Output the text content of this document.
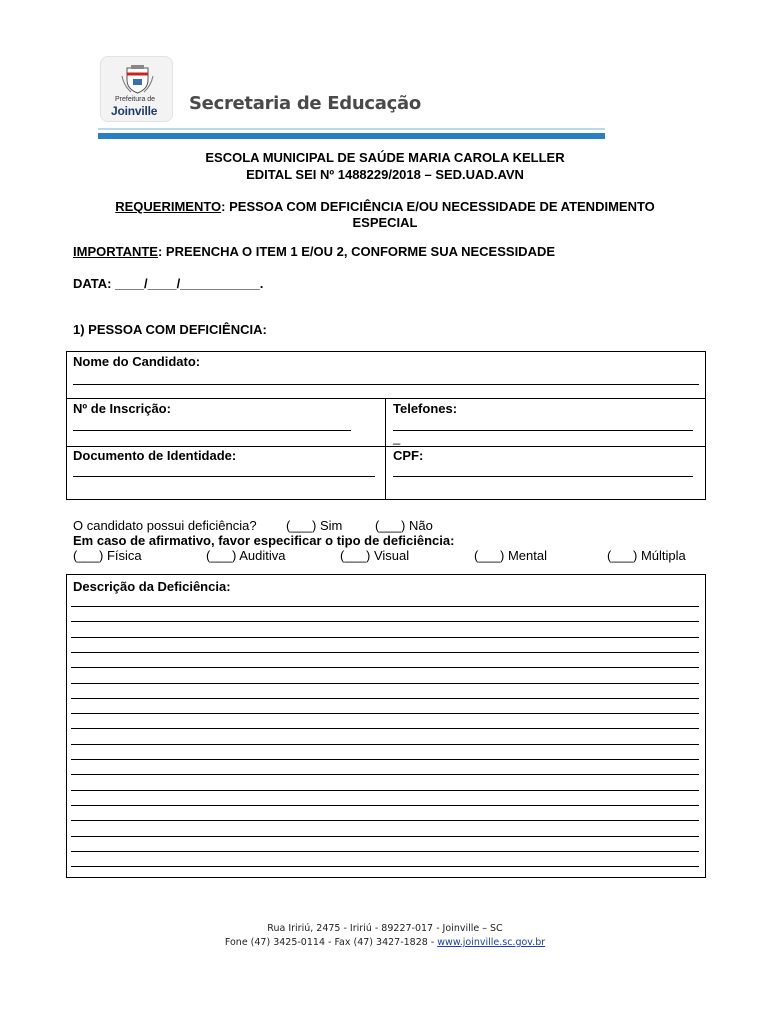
Prefeitura de
Joinville Secretaria de Educação
ESCOLA MUNICIPAL DE SAÚDE MARIA CAROLA KELLER
EDITAL SEI Nº 1488229/2018 – SED.UAD.AVN
REQUERIMENTO: PESSOA COM DEFICIÊNCIA E/OU NECESSIDADE DE ATENDIMENTO
ESPECIAL
IMPORTANTE: PREENCHA O ITEM 1 E/OU 2, CONFORME SUA NECESSIDADE
DATA: ____/____/___________.
1) PESSOA COM DEFICIÊNCIA:
Nome do Candidato:
Nº de Inscrição:	Telefones:
_
Documento de Identidade:	CPF:
O candidato possui deficiência? (___) Sim	(___) Não
Em caso de afirmativo, favor especificar o tipo de deficiência:
(___) Física	(___) Auditiva	(___) Visual	(___) Mental	(___) Múltipla
Descrição da Deficiência:
Rua Iririú, 2475 - Iririú - 89227-017 - Joinville – SC
Fone (47) 3425-0114 - Fax (47) 3427-1828 - www.joinville.sc.gov.br
